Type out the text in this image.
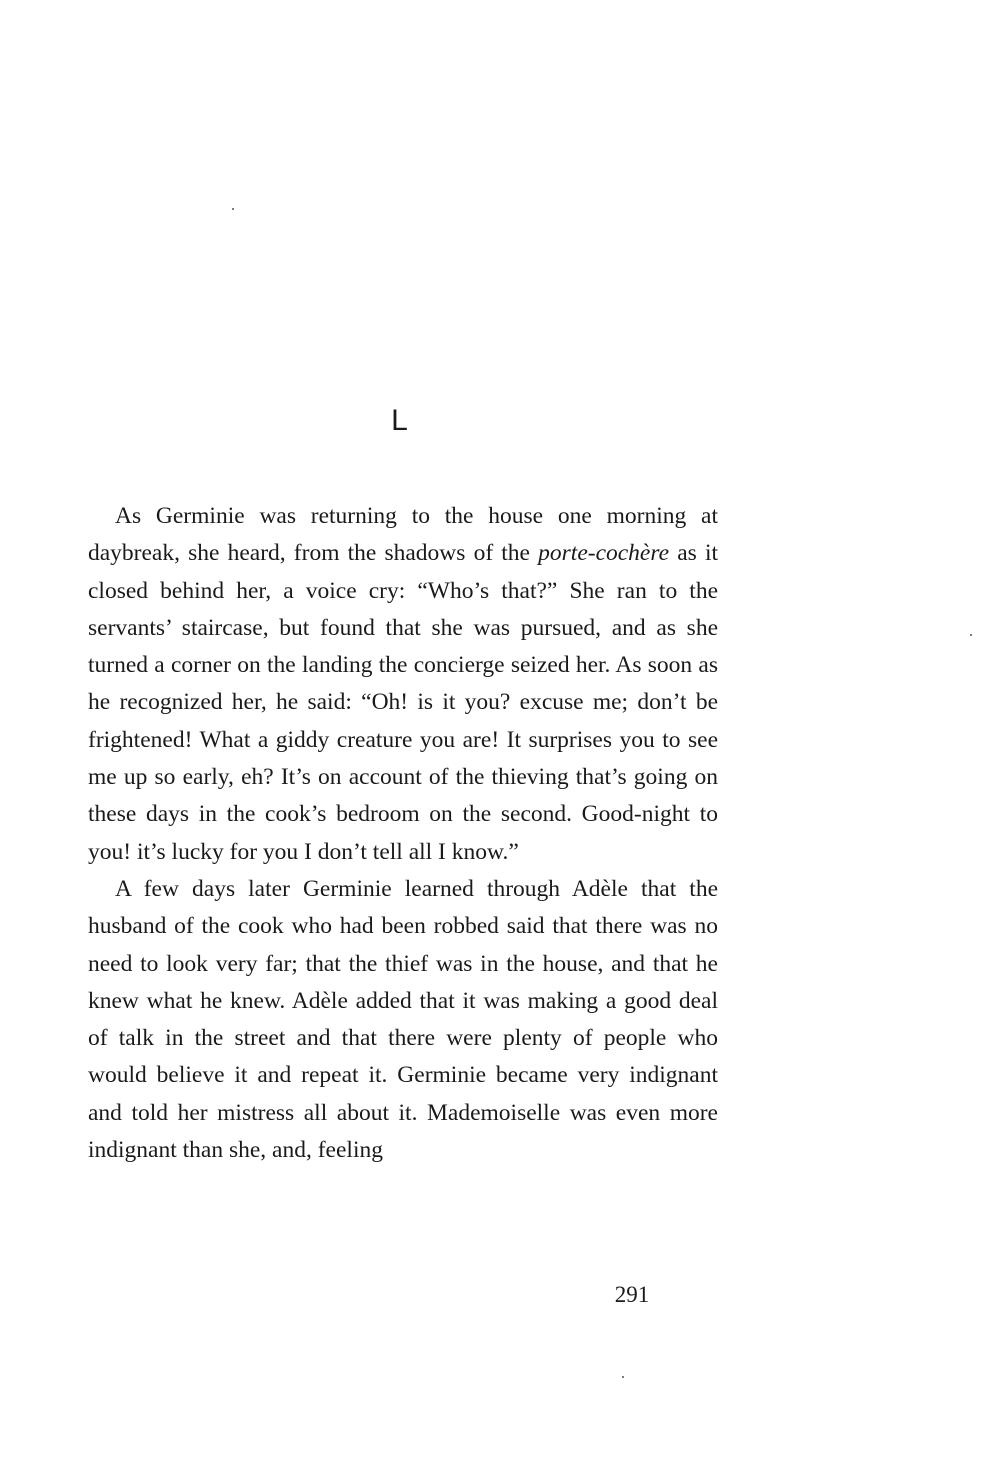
L

As Germinie was returning to the house one morning at daybreak, she heard, from the shadows of the porte-cochère as it closed behind her, a voice cry: “Who’s that?” She ran to the servants’ staircase, but found that she was pursued, and as she turned a corner on the landing the concierge seized her. As soon as he recognized her, he said: “Oh! is it you? excuse me; don’t be frightened! What a giddy creature you are! It surprises you to see me up so early, eh? It’s on account of the thieving that’s going on these days in the cook’s bedroom on the second. Good-night to you! it’s lucky for you I don’t tell all I know.”

A few days later Germinie learned through Adèle that the husband of the cook who had been robbed said that there was no need to look very far; that the thief was in the house, and that he knew what he knew. Adèle added that it was making a good deal of talk in the street and that there were plenty of people who would believe it and repeat it. Germinie became very indignant and told her mistress all about it. Mademoiselle was even more indignant than she, and, feeling

291
